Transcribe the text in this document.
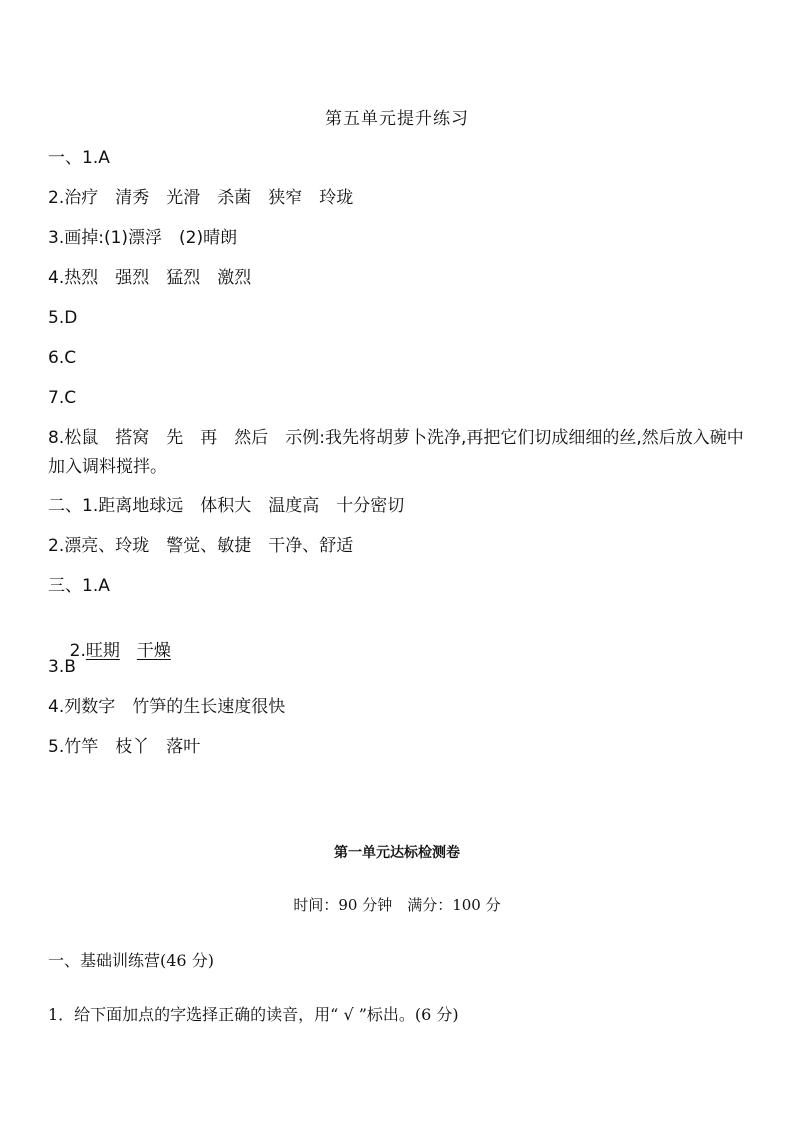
第五单元提升练习
一、1.A
2.治疗　清秀　光滑　杀菌　狭窄　玲珑
3.画掉:(1)漂浮　(2)晴朗
4.热烈　强烈　猛烈　激烈
5.D
6.C
7.C
8.松鼠　搭窝　先　再　然后　示例:我先将胡萝卜洗净,再把它们切成细细的丝,然后放入碗中加入调料搅拌。
二、1.距离地球远　体积大　温度高　十分密切
2.漂亮、玲珑　警觉、敏捷　干净、舒适
三、1.A

2.旺期　 干燥

3.B
4.列数字　竹笋的生长速度很快
5.竹竿　枝丫　落叶
第一单元达标检测卷
时间：90 分钟　满分：100 分
一、基础训练营(46 分)
1．给下面加点的字选择正确的读音，用“ √ ”标出。(6 分)
